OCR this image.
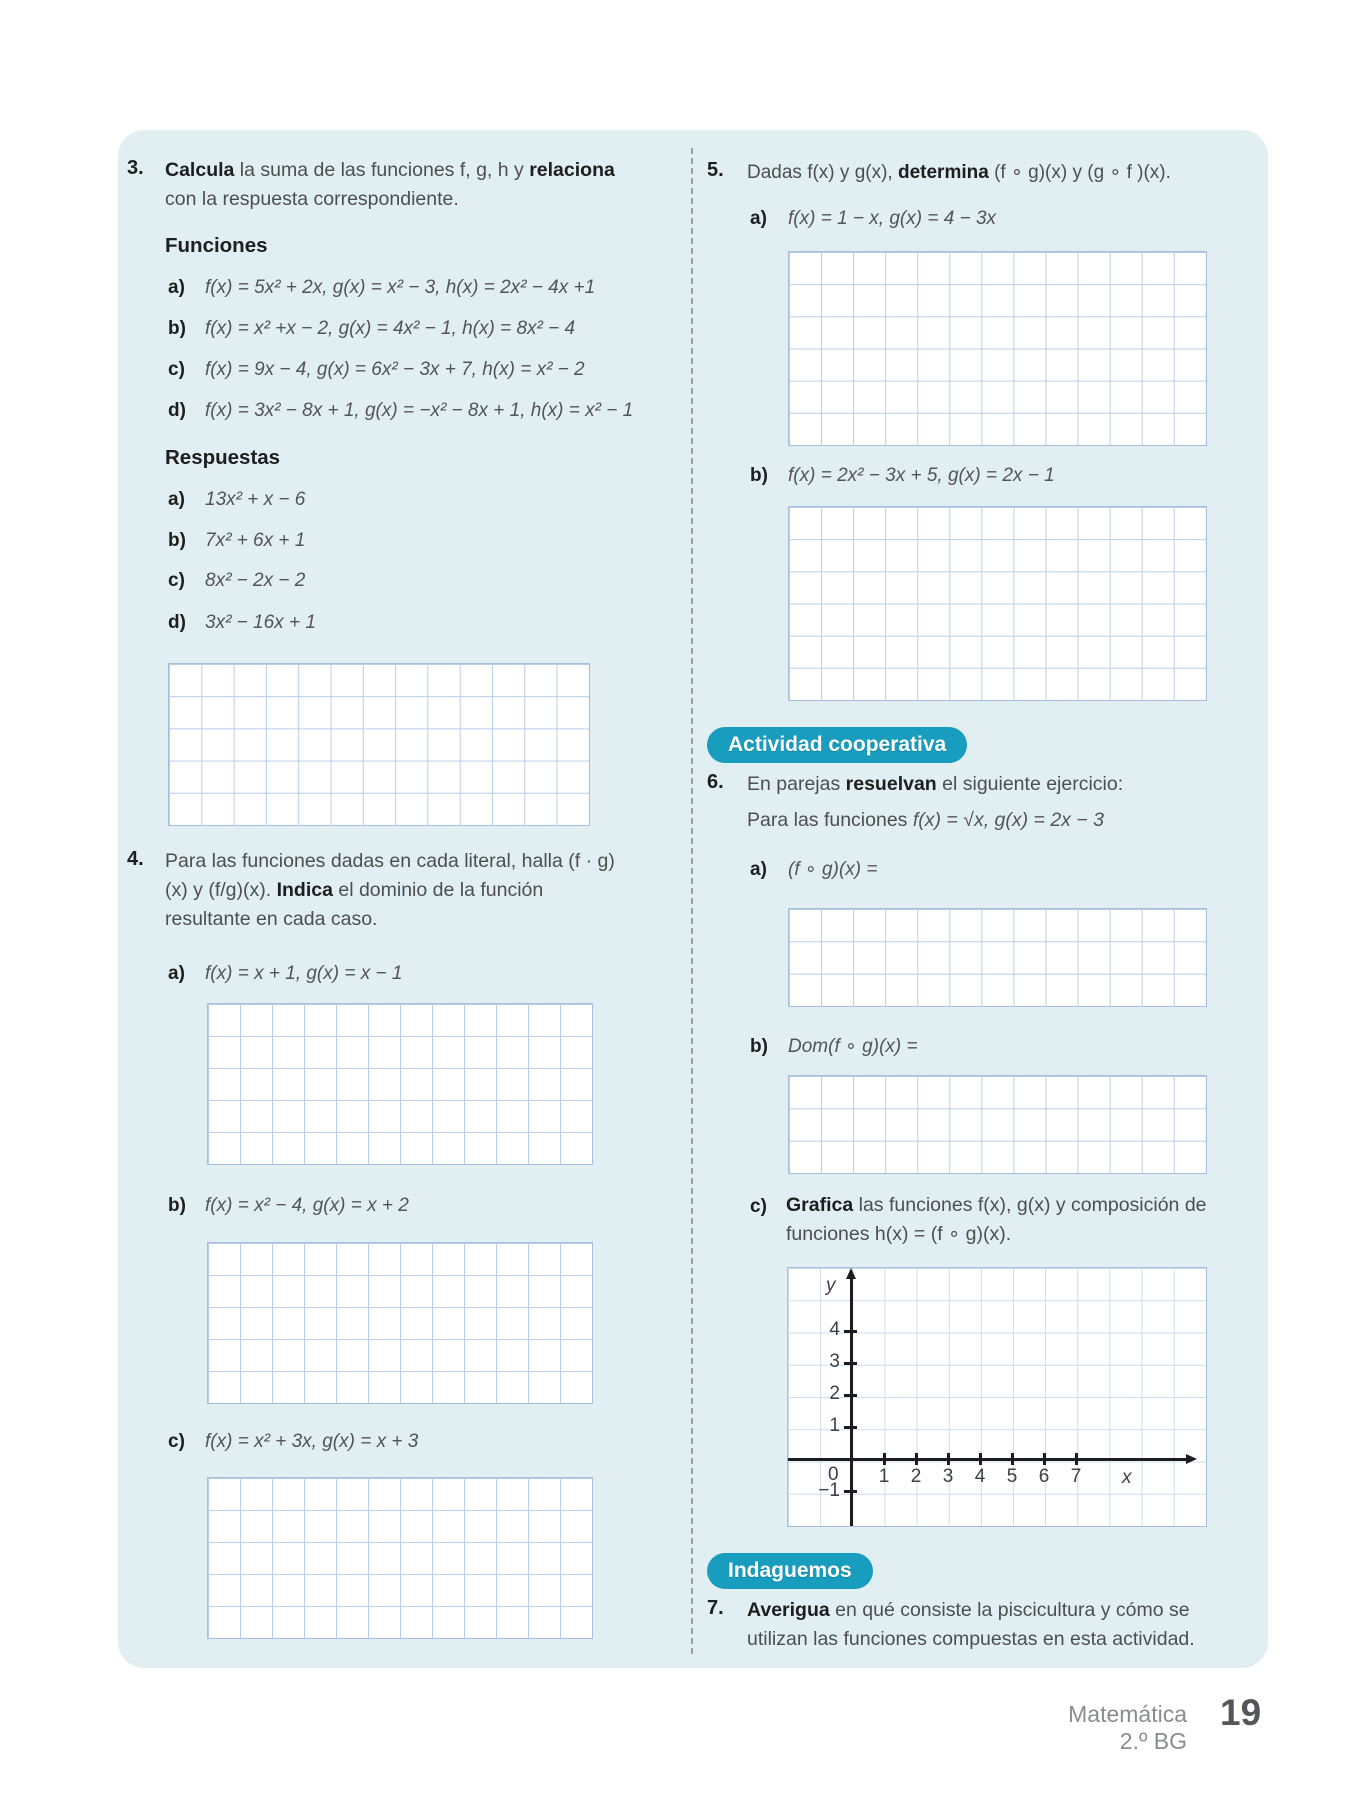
3. Calcula la suma de las funciones f, g, h y relaciona con la respuesta correspondiente.
Funciones
a) f(x) = 5x² + 2x, g(x) = x² − 3, h(x) = 2x² − 4x +1
b) f(x) = x² +x − 2, g(x) = 4x² − 1, h(x) = 8x² − 4
c) f(x) = 9x − 4, g(x) = 6x² − 3x + 7, h(x) = x² − 2
d) f(x) = 3x² − 8x + 1, g(x) = −x² − 8x + 1, h(x) = x² − 1
Respuestas
a) 13x² + x − 6
b) 7x² + 6x + 1
c) 8x² − 2x − 2
d) 3x² − 16x + 1
4. Para las funciones dadas en cada literal, halla (f · g)(x) y (f/g)(x). Indica el dominio de la función resultante en cada caso.
a) f(x) = x + 1, g(x) = x − 1
b) f(x) = x² − 4, g(x) = x + 2
c) f(x) = x² + 3x, g(x) = x + 3
5. Dadas f(x) y g(x), determina (f ∘ g)(x) y (g ∘ f )(x).
a) f(x) = 1 − x, g(x) = 4 − 3x
b) f(x) = 2x² − 3x + 5, g(x) = 2x − 1
Actividad cooperativa
6. En parejas resuelvan el siguiente ejercicio:
Para las funciones f(x) = √x, g(x) = 2x − 3
a) (f ∘ g)(x) =
b) Dom(f ∘ g)(x) =
c) Grafica las funciones f(x), g(x) y composición de funciones h(x) = (f ∘ g)(x).
1 2 3 4 5 6 7
4
3
2
1
0
−1
y
x
Indaguemos
7. Averigua en qué consiste la piscicultura y cómo se utilizan las funciones compuestas en esta actividad.
Matemática
2.º BG
19
